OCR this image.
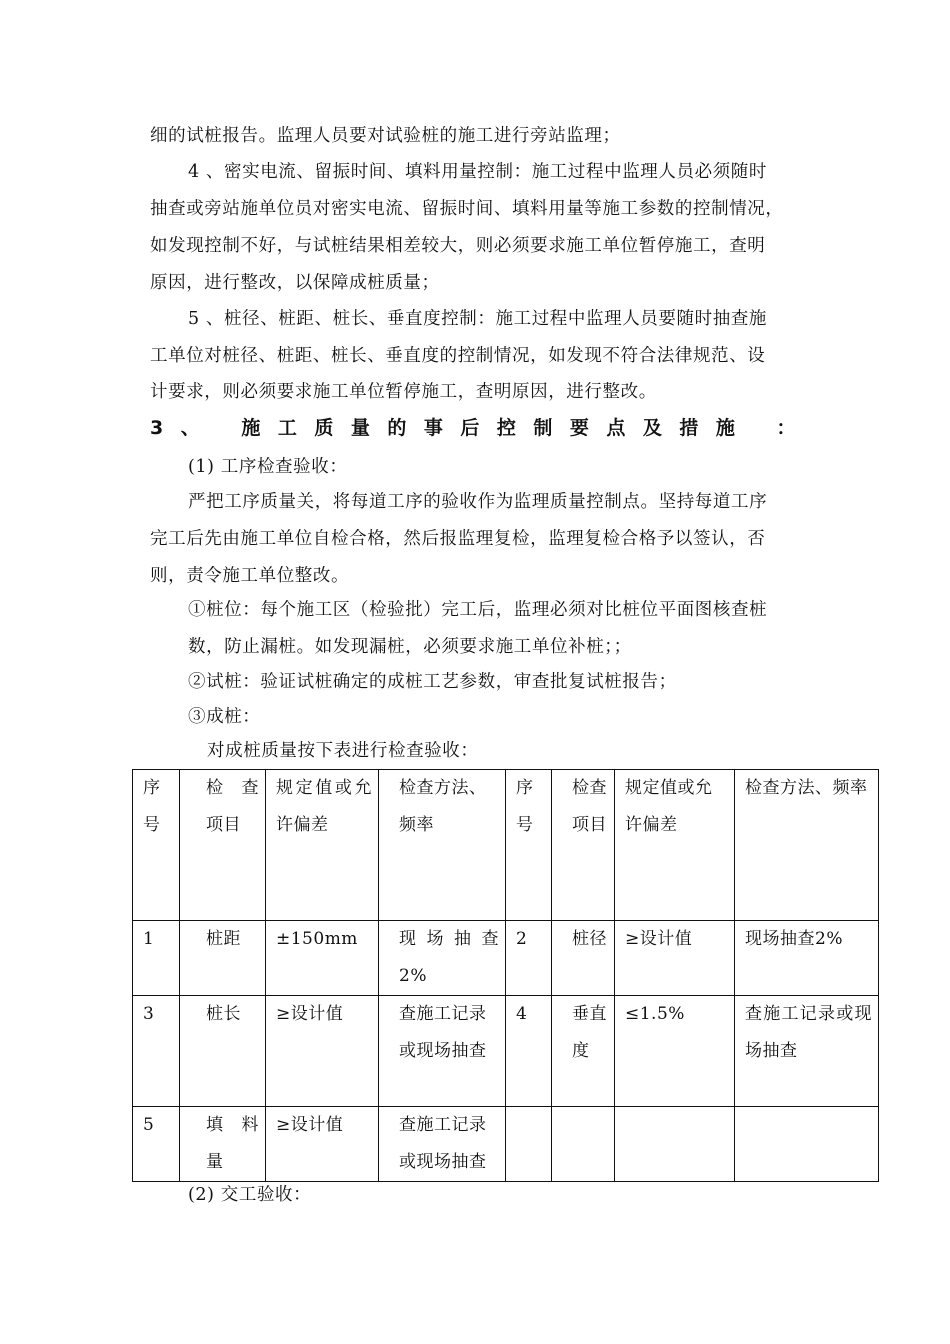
细的试桩报告。监理人员要对试验桩的施工进行旁站监理；
4 、密实电流、留振时间、填料用量控制：施工过程中监理人员必须随时
抽查或旁站施单位员对密实电流、留振时间、填料用量等施工参数的控制情况，
如发现控制不好，与试桩结果相差较大，则必须要求施工单位暂停施工，查明
原因，进行整改，以保障成桩质量；
5 、桩径、桩距、桩长、垂直度控制：施工过程中监理人员要随时抽查施
工单位对桩径、桩距、桩长、垂直度的控制情况，如发现不符合法律规范、设
计要求，则必须要求施工单位暂停施工，查明原因，进行整改。
3、 施工质量的事后控制要点及措施 ：
(1) 工序检查验收：
严把工序质量关，将每道工序的验收作为监理质量控制点。坚持每道工序
完工后先由施工单位自检合格，然后报监理复检，监理复检合格予以签认，否
则，责令施工单位整改。
①桩位：每个施工区（检验批）完工后，监理必须对比桩位平面图核查桩
数，防止漏桩。如发现漏桩，必须要求施工单位补桩；；
②试桩：验证试桩确定的成桩工艺参数，审查批复试桩报告；
③成桩：
对成桩质量按下表进行检查验收：
序号	检 查项目	规定值或允许偏差	检查方法、频率	序号	检查项目	规定值或允许偏差	检查方法、频率
1	桩距	±150mm	现 场 抽 查2%	2	桩径	≥设计值	现场抽查2%
3	桩长	≥设计值	查施工记录或现场抽查	4	垂直度	≤1.5%	查施工记录或现场抽查
5	填 料量	≥设计值	查施工记录或现场抽查				
(2) 交工验收：
